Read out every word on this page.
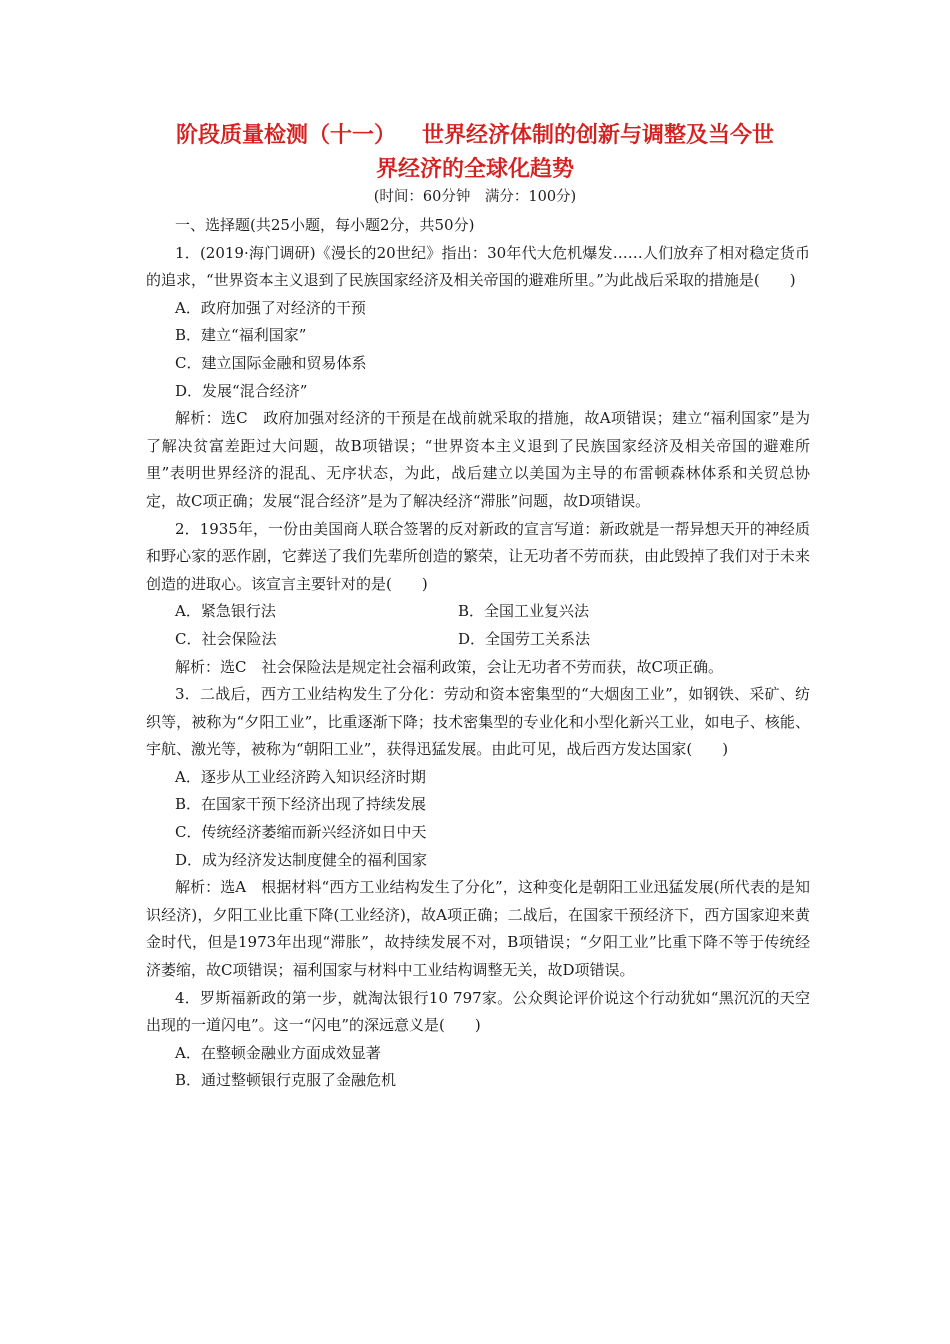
阶段质量检测（十一） 世界经济体制的创新与调整及当今世
界经济的全球化趋势
(时间：60分钟　满分：100分)

一、选择题(共25小题，每小题2分，共50分)

1．(2019·海门调研)《漫长的20世纪》指出：30年代大危机爆发……人们放弃了相对稳定货币的追求，“世界资本主义退到了民族国家经济及相关帝国的避难所里。”为此战后采取的措施是(　　)

A．政府加强了对经济的干预

B．建立“福利国家”

C．建立国际金融和贸易体系

D．发展“混合经济”

解析：选C　政府加强对经济的干预是在战前就采取的措施，故A项错误；建立“福利国家”是为了解决贫富差距过大问题，故B项错误；“世界资本主义退到了民族国家经济及相关帝国的避难所里”表明世界经济的混乱、无序状态，为此，战后建立以美国为主导的布雷顿森林体系和关贸总协定，故C项正确；发展“混合经济”是为了解决经济“滞胀”问题，故D项错误。

2．1935年，一份由美国商人联合签署的反对新政的宣言写道：新政就是一帮异想天开的神经质和野心家的恶作剧，它葬送了我们先辈所创造的繁荣，让无功者不劳而获，由此毁掉了我们对于未来创造的进取心。该宣言主要针对的是(　　)

A．紧急银行法	B．全国工业复兴法
C．社会保险法	D．全国劳工关系法

解析：选C　社会保险法是规定社会福利政策，会让无功者不劳而获，故C项正确。

3．二战后，西方工业结构发生了分化：劳动和资本密集型的“大烟囱工业”，如钢铁、采矿、纺织等，被称为“夕阳工业”，比重逐渐下降；技术密集型的专业化和小型化新兴工业，如电子、核能、宇航、激光等，被称为“朝阳工业”，获得迅猛发展。由此可见，战后西方发达国家(　　)

A．逐步从工业经济跨入知识经济时期

B．在国家干预下经济出现了持续发展

C．传统经济萎缩而新兴经济如日中天

D．成为经济发达制度健全的福利国家

解析：选A　根据材料“西方工业结构发生了分化”，这种变化是朝阳工业迅猛发展(所代表的是知识经济)，夕阳工业比重下降(工业经济)，故A项正确；二战后，在国家干预经济下，西方国家迎来黄金时代，但是1973年出现“滞胀”，故持续发展不对，B项错误；“夕阳工业”比重下降不等于传统经济萎缩，故C项错误；福利国家与材料中工业结构调整无关，故D项错误。

4．罗斯福新政的第一步，就淘汰银行10 797家。公众舆论评价说这个行动犹如“黑沉沉的天空出现的一道闪电”。这一“闪电”的深远意义是(　　)

A．在整顿金融业方面成效显著

B．通过整顿银行克服了金融危机
